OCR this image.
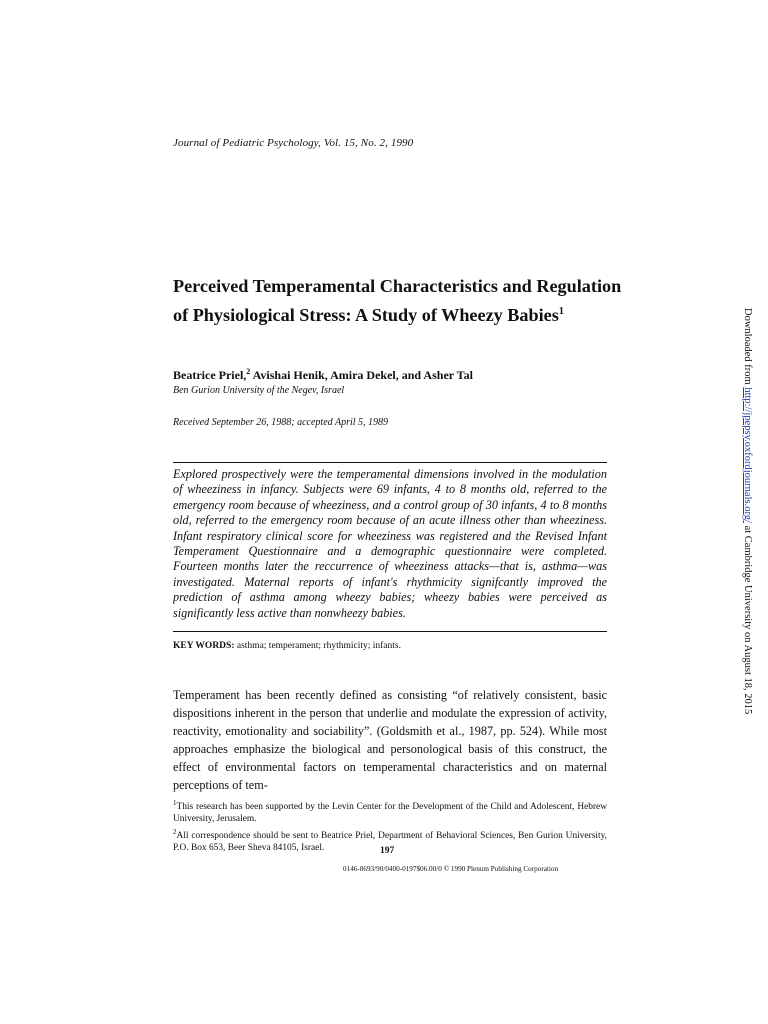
Journal of Pediatric Psychology, Vol. 15, No. 2, 1990
Perceived Temperamental Characteristics and Regulation of Physiological Stress: A Study of Wheezy Babies$^1$
Beatrice Priel,$^2$ Avishai Henik, Amira Dekel, and Asher Tal
Ben Gurion University of the Negev, Israel
Received September 26, 1988; accepted April 5, 1989

Explored prospectively were the temperamental dimensions involved in the modulation of wheeziness in infancy. Subjects were 69 infants, 4 to 8 months old, referred to the emergency room because of wheeziness, and a control group of 30 infants, 4 to 8 months old, referred to the emergency room because of an acute illness other than wheeziness. Infant respiratory clinical score for wheeziness was registered and the Revised Infant Temperament Questionnaire and a demographic questionnaire were completed. Fourteen months later the reccurrence of wheeziness attacks—that is, asthma—was investigated. Maternal reports of infant's rhythmicity signifcantly improved the prediction of asthma among wheezy babies; wheezy babies were perceived as significantly less active than nonwheezy babies.

KEY WORDS: asthma; temperament; rhythmicity; infants.

Temperament has been recently defined as consisting “of relatively consistent, basic dispositions inherent in the person that underlie and modulate the expression of activity, reactivity, emotionality and sociability”. (Goldsmith et al., 1987, pp. 524). While most approaches emphasize the biological and personological basis of this construct, the effect of environmental factors on temperamental characteristics and on maternal perceptions of tem-

$^1$This research has been supported by the Levin Center for the Development of the Child and Adolescent, Hebrew University, Jerusalem.

$^2$All correspondence should be sent to Beatrice Priel, Department of Behavioral Sciences, Ben Gurion University, P.O. Box 653, Beer Sheva 84105, Israel.	197
0146-8693/90/0400-0197$06.00/0 © 1990 Plenum Publishing Corporation
Downloaded from http://jpepsy.oxfordjournals.org/ at Cambridge University on August 18, 2015
